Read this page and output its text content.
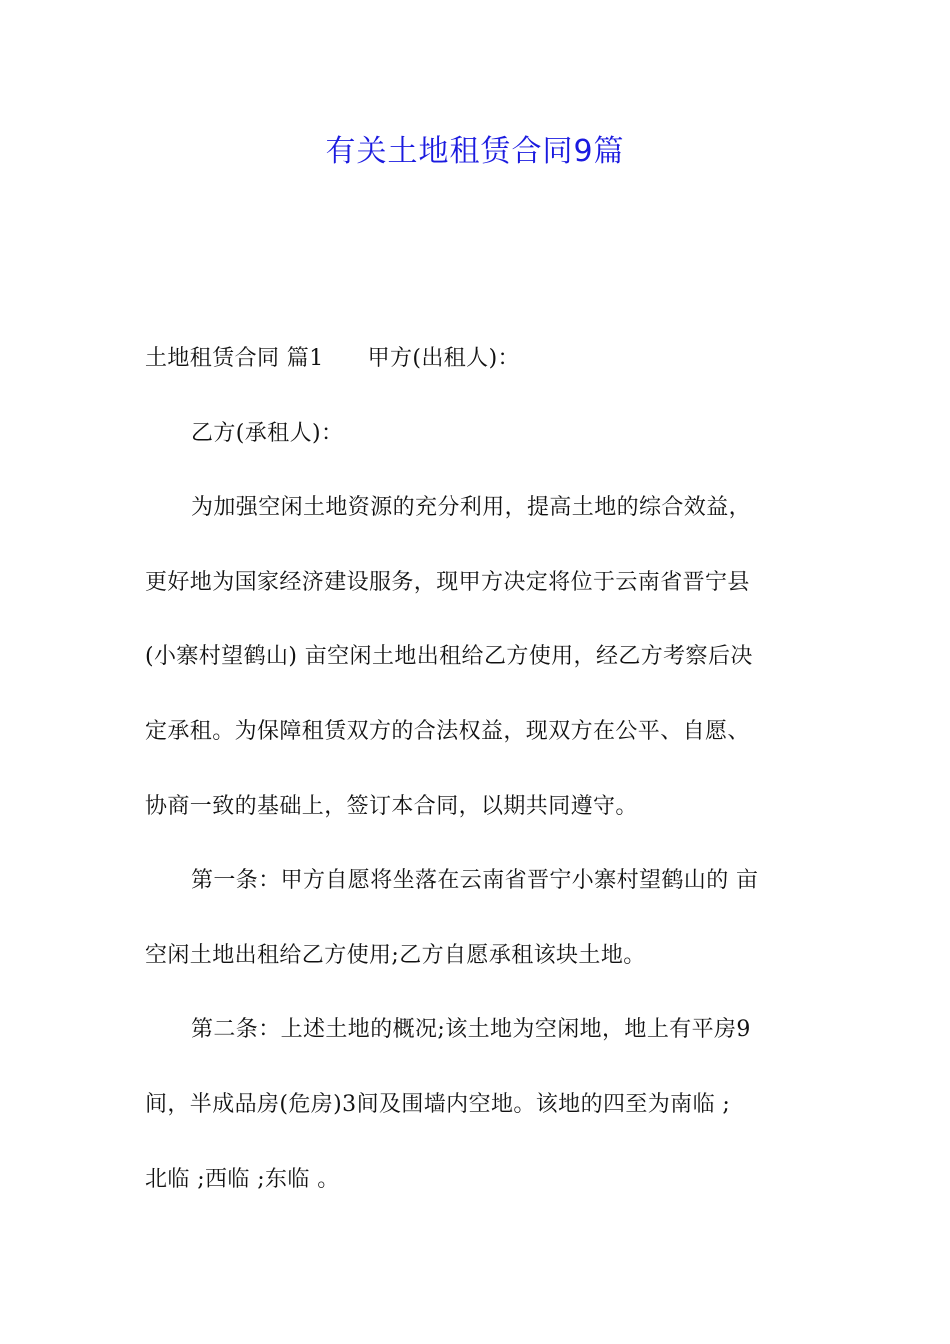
有关土地租赁合同9篇
土地租赁合同 篇1 甲方(出租人)：
乙方(承租人)：
为加强空闲土地资源的充分利用，提高土地的综合效益，
更好地为国家经济建设服务，现甲方决定将位于云南省晋宁县
(小寨村望鹤山) 亩空闲土地出租给乙方使用，经乙方考察后决
定承租。为保障租赁双方的合法权益，现双方在公平、自愿、
协商一致的基础上，签订本合同，以期共同遵守。
第一条：甲方自愿将坐落在云南省晋宁小寨村望鹤山的 亩
空闲土地出租给乙方使用;乙方自愿承租该块土地。
第二条：上述土地的概况;该土地为空闲地，地上有平房9
间，半成品房(危房)3间及围墙内空地。该地的四至为南临 ;
北临 ;西临 ;东临 。
